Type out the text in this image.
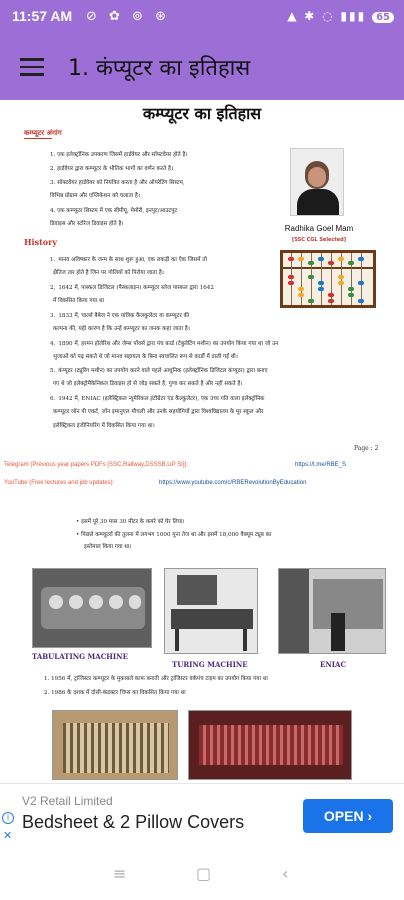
11:57 AM ⊘ ✿ ⊚ ⊛	▲ ✱ ◌ ▮▮▮ 65
1. कंप्यूटर का इतिहास
कम्प्यूटर का इतिहास
कम्प्यूटर अंगांग
1. एक इलेक्ट्रॉनिक उपकरण जिसमें हार्डवेयर और सॉफ्टवेयर होते है।
2. हार्डवेयर द्वारा कम्प्यूटर के भौतिक भागों का वर्णन करते है।
3. सॉफ्टवेयर हार्डवेयर को नियंत्रित करता है और ऑपरेटिंग सिस्टम,
विभिन्न प्रोग्राम और एप्लिकेशन को चलाता है।
4. एक कम्प्यूटर सिस्टम में एक सीपीयू, मेमोरी, इनपुट/आउटपुट
डिवाइस और स्टोरेज डिवाइस होते है।	Radhika Goel Mam
[SSC CGL Selected]
History
1. मानव अविष्कार के जन्म के साथ शुरू हुआ, एक लकड़ी का ऐक जिसमें तो
क्षैतिज तार होते है जिन पर गोलियाँ को पिरोया जाता है।
2. 1642 में, पास्कल डिजिटल (पैस्कलाइन) कम्प्यूटर ब्लेज पास्कल द्वारा 1642
में विकसित किया गया था
3. 1833 में, चार्ल्स बैबेज ने एक यांत्रिक कैलकुलेटर या कम्प्यूटर की
कल्पना की, यही कारण है कि उन्हें कम्प्यूटर का जनक कहा जाता है।
4. 1890 में, हरमन होलेरिथ और जेम्स पॉवर्स द्वारा पंच कार्ड (टेबुलेटिंग मशीन) का उपयोग किया गया था जो उन
भुजाओं को पढ़ सकते थे जो मानव सहायता के बिना स्वचालित रूप से कार्डों में डाली गईं थी।
5. कंप्यूटर (ट्यूरिंग मशीन) का उपयोग करने वाले पहले आधुनिक (इलेक्ट्रॉनिक डिजिटल कंप्यूटर) द्वारा बनाए
गए थे जो इलेक्ट्रोमैकेनिकल डिवाइस हो से जोड़ सकते है, गुणा कर सकते है और नहीं सकते है।
6. 1942 में, ENIAC (इलेक्ट्रिकल न्यूमेरिकल इंटीग्रेटर एंड कैल्कुलेटर), एक उच्च गति वाला इलेक्ट्रॉनिक
कम्प्यूटर जॉन पी एकर्ट, जॉन इमानुएल मौचली और उनके सहयोगियों द्वारा विश्वविद्यालय के मूर स्कूल और
इलेक्ट्रिकल इंजीनियरिंग में विकसित किया गया था।
Page : 2
Telegram (Previous year papers PDFs [SSC,Railway,DSSSB,UP SI]):	https://t.me/RBE_S
YouTube (Free lectures and job updates):	https://www.youtube.com/c/RBERevolutionByEducation
• इसमें पूरे 30 मास 30 मीटर के कमरे को घेर लिया।
• पिछले कम्प्यूटरों की तुलना में लगभग 1000 गुना तेज था और इसमें 18,000 वैक्यूम ट्यूब का
इस्तेमाल किया गया था।
TABULATING MACHINE
TURING MACHINE	ENIAC
1. 1956 में, ट्रांजिस्टर कम्प्यूटर के मुकाबले काफ बनाती और ट्रांजिस्टर वर्कपंच टाइम का उपयोग किया गया था
2. 1986 के दशक में दोसी-कंडक्टर चिप्स का विकसित किया गया था
i
✕
V2 Retail Limited
Bedsheet & 2 Pillow Covers	OPEN ›
≡	▢	‹
